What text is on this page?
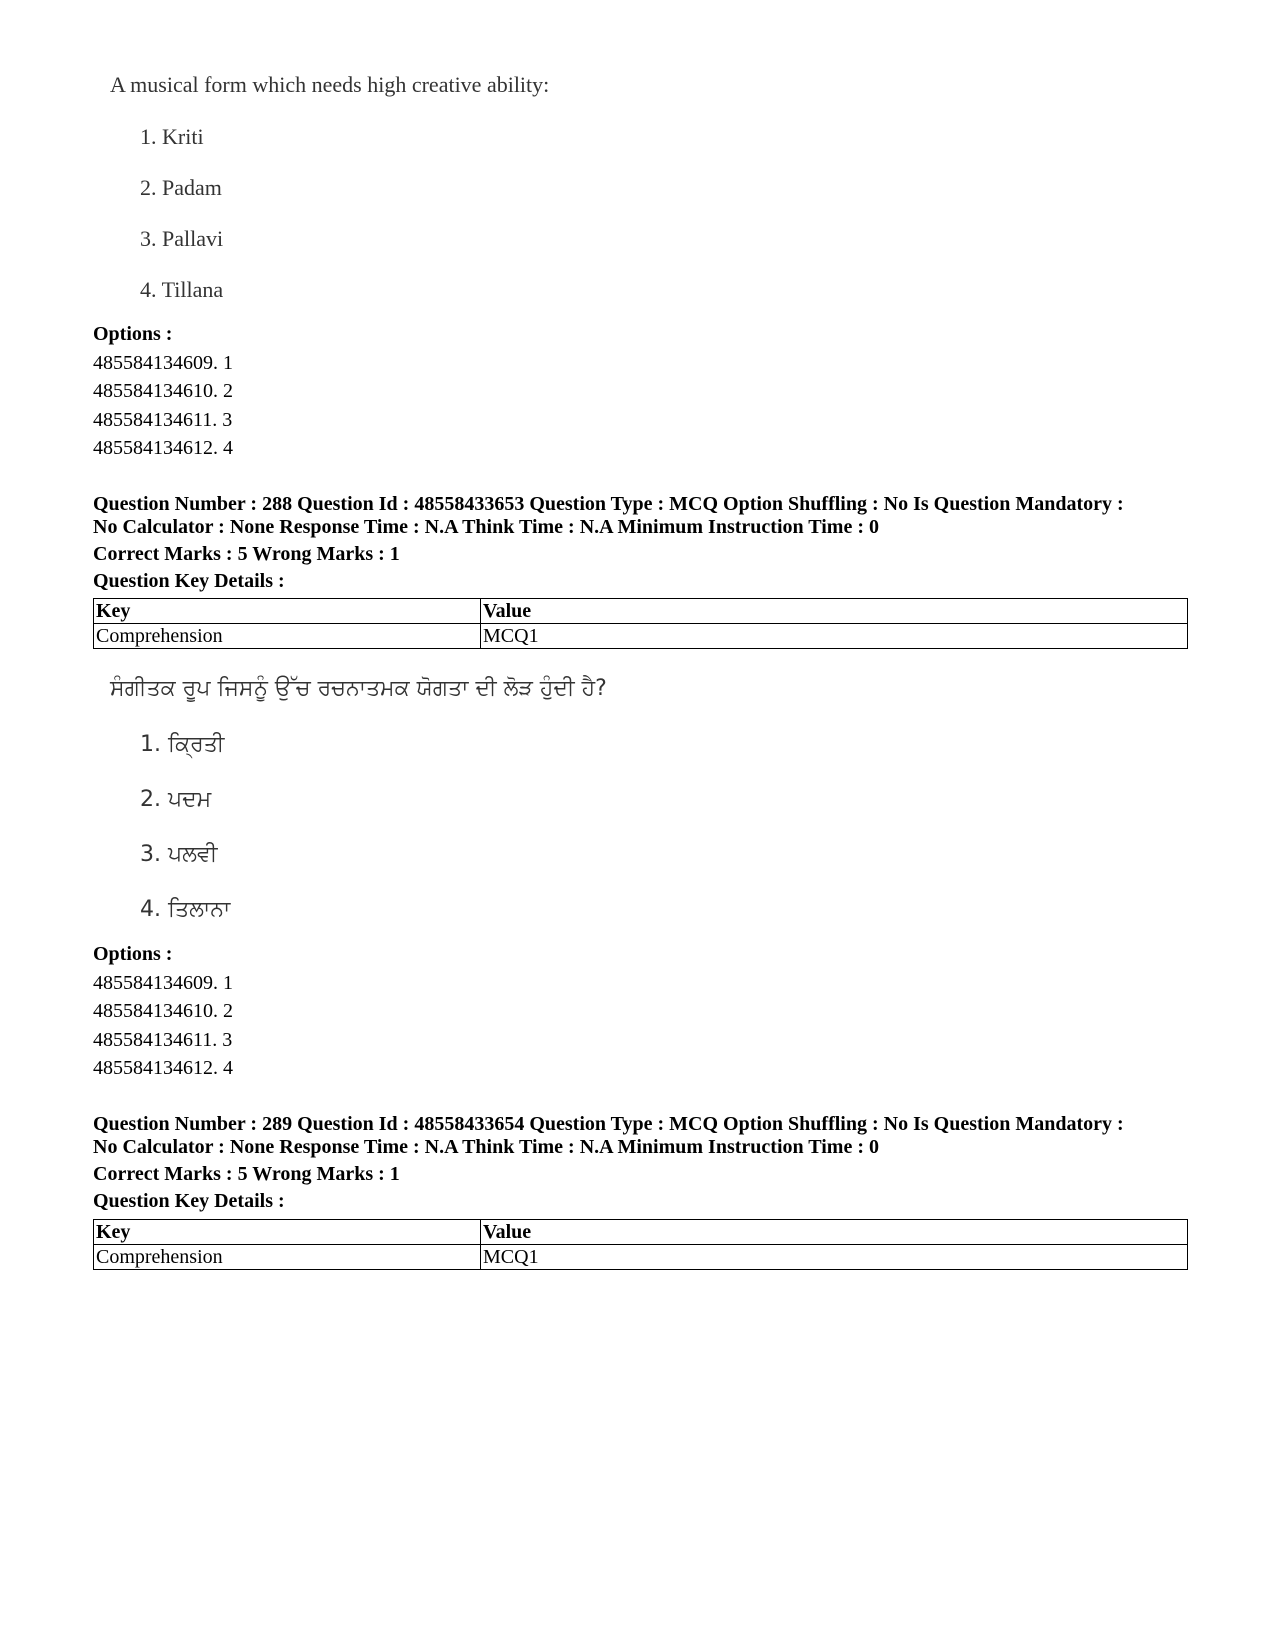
A musical form which needs high creative ability:

1. Kriti
2. Padam
3. Pallavi
4. Tillana
Options :
485584134609. 1
485584134610. 2
485584134611. 3
485584134612. 4
Question Number : 288 Question Id : 48558433653 Question Type : MCQ Option Shuffling : No Is Question Mandatory :
No Calculator : None Response Time : N.A Think Time : N.A Minimum Instruction Time : 0
Correct Marks : 5 Wrong Marks : 1
Question Key Details :
Key	Value
Comprehension	MCQ1

ਸੰਗੀਤਕ ਰੂਪ ਜਿਸਨੂੰ ਉੱਚ ਰਚਨਾਤਮਕ ਯੋਗਤਾ ਦੀ ਲੋੜ ਹੁੰਦੀ ਹੈ?

1. ਕ੍ਰਿਤੀ
2. ਪਦਮ
3. ਪਲਵੀ
4. ਤਿਲਾਨਾ
Options :
485584134609. 1
485584134610. 2
485584134611. 3
485584134612. 4
Question Number : 289 Question Id : 48558433654 Question Type : MCQ Option Shuffling : No Is Question Mandatory :
No Calculator : None Response Time : N.A Think Time : N.A Minimum Instruction Time : 0
Correct Marks : 5 Wrong Marks : 1
Question Key Details :
Key	Value
Comprehension	MCQ1
